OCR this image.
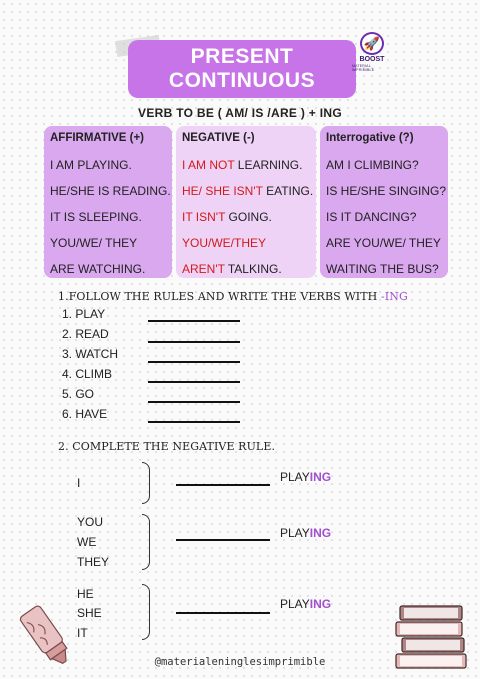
PRESENT
CONTINUOUS
🚀
BOOST
MATERIAL IMPRIMIBLE
VERB TO BE ( AM/ IS /ARE ) + ING
AFFIRMATIVE (+)
I AM PLAYING.
HE/SHE IS READING.
IT IS SLEEPING.
YOU/WE/ THEY
ARE WATCHING.
NEGATIVE (-)
I AM NOT LEARNING.
HE/ SHE ISN'T EATING.
IT ISN'T GOING.
YOU/WE/THEY
AREN'T TALKING.
Interrogative (?)
AM I CLIMBING?
IS HE/SHE SINGING?
IS IT DANCING?
ARE YOU/WE/ THEY
WAITING THE BUS?
1.FOLLOW THE RULES AND WRITE THE VERBS WITH -ING
1. PLAY
2. READ
3. WATCH
4. CLIMB
5. GO
6. HAVE
2. COMPLETE THE NEGATIVE RULE.
I	PLAYING
YOU
WE
THEY
PLAYING
HE
SHE
IT
PLAYING
@materialeninglesimprimible
